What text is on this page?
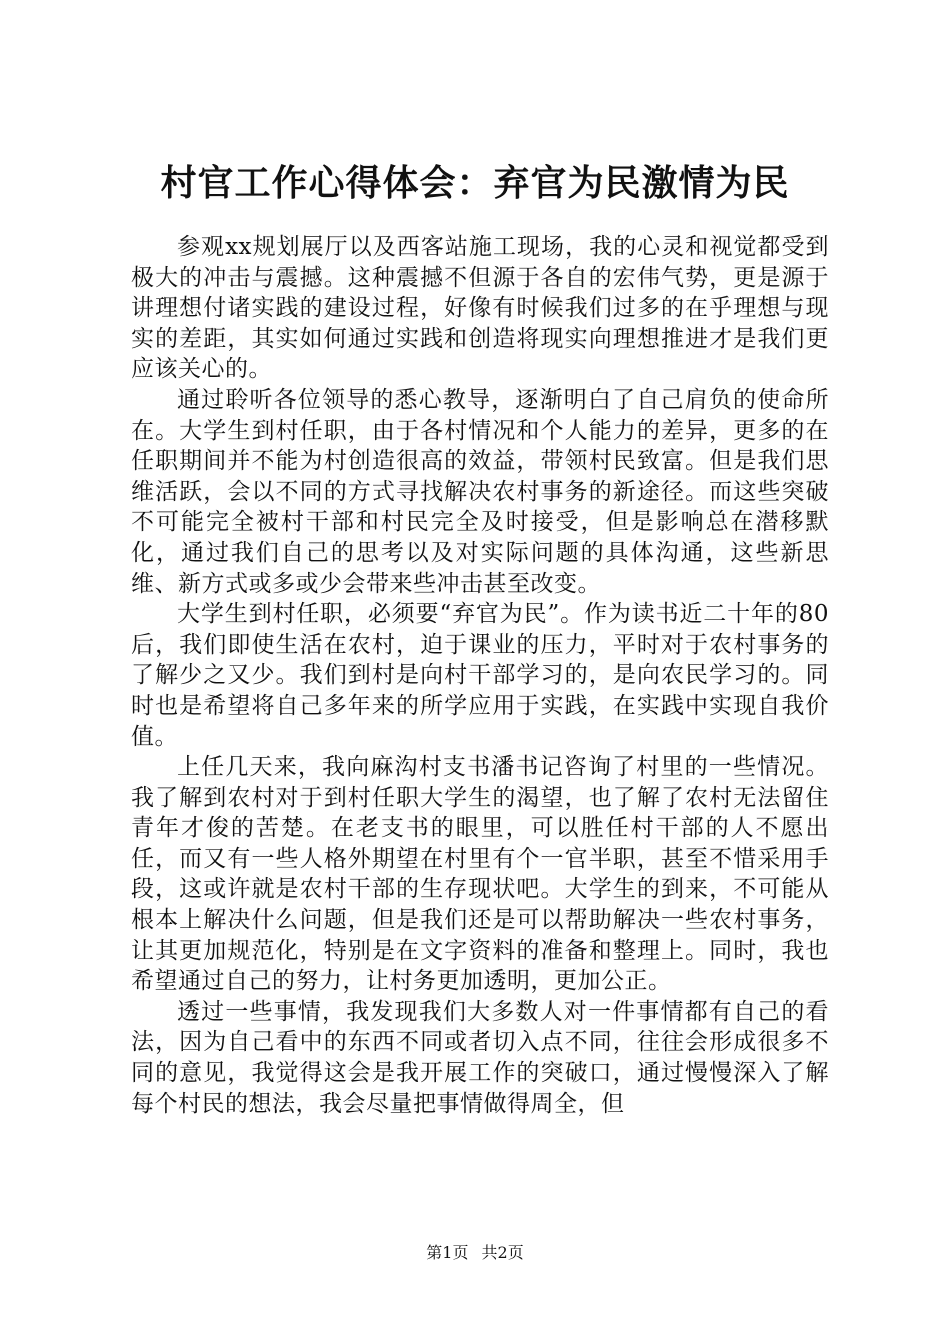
村官工作心得体会：弃官为民激情为民

参观xx规划展厅以及西客站施工现场，我的心灵和视觉都受到极大的冲击与震撼。这种震撼不但源于各自的宏伟气势，更是源于讲理想付诸实践的建设过程，好像有时候我们过多的在乎理想与现实的差距，其实如何通过实践和创造将现实向理想推进才是我们更应该关心的。

通过聆听各位领导的悉心教导，逐渐明白了自己肩负的使命所在。大学生到村任职，由于各村情况和个人能力的差异，更多的在任职期间并不能为村创造很高的效益，带领村民致富。但是我们思维活跃，会以不同的方式寻找解决农村事务的新途径。而这些突破不可能完全被村干部和村民完全及时接受，但是影响总在潜移默化，通过我们自己的思考以及对实际问题的具体沟通，这些新思维、新方式或多或少会带来些冲击甚至改变。

大学生到村任职，必须要“弃官为民”。作为读书近二十年的80后，我们即使生活在农村，迫于课业的压力，平时对于农村事务的了解少之又少。我们到村是向村干部学习的，是向农民学习的。同时也是希望将自己多年来的所学应用于实践，在实践中实现自我价值。

上任几天来，我向麻沟村支书潘书记咨询了村里的一些情况。我了解到农村对于到村任职大学生的渴望，也了解了农村无法留住青年才俊的苦楚。在老支书的眼里，可以胜任村干部的人不愿出任，而又有一些人格外期望在村里有个一官半职，甚至不惜采用手段，这或许就是农村干部的生存现状吧。大学生的到来，不可能从根本上解决什么问题，但是我们还是可以帮助解决一些农村事务，让其更加规范化，特别是在文字资料的准备和整理上。同时，我也希望通过自己的努力，让村务更加透明，更加公正。

透过一些事情，我发现我们大多数人对一件事情都有自己的看法，因为自己看中的东西不同或者切入点不同，往往会形成很多不同的意见，我觉得这会是我开展工作的突破口，通过慢慢深入了解每个村民的想法，我会尽量把事情做得周全，但

第1页 共2页
